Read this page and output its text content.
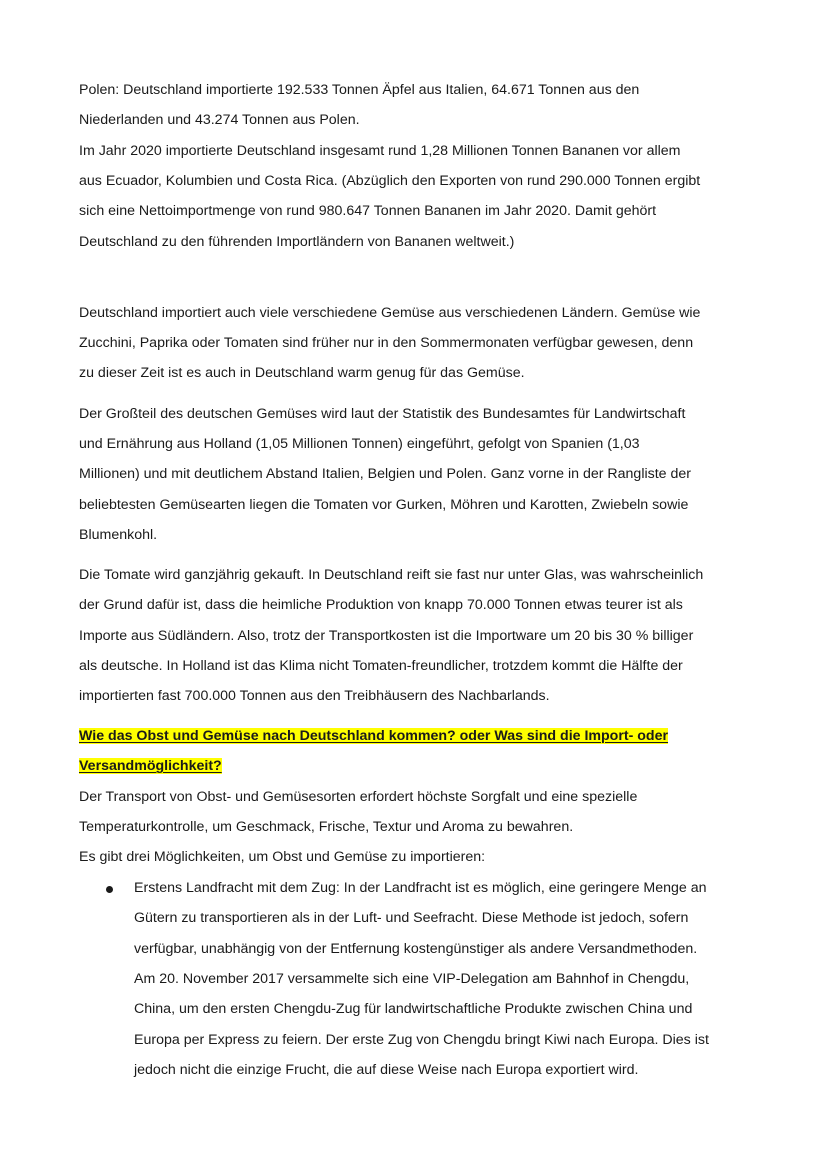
Polen: Deutschland importierte 192.533 Tonnen Äpfel aus Italien, 64.671 Tonnen aus den
Niederlanden und 43.274 Tonnen aus Polen.
Im Jahr 2020 importierte Deutschland insgesamt rund 1,28 Millionen Tonnen Bananen vor allem
aus Ecuador, Kolumbien und Costa Rica. (Abzüglich den Exporten von rund 290.000 Tonnen ergibt
sich eine Nettoimportmenge von rund 980.647 Tonnen Bananen im Jahr 2020. Damit gehört
Deutschland zu den führenden Importländern von Bananen weltweit.)
Deutschland importiert auch viele verschiedene Gemüse aus verschiedenen Ländern. Gemüse wie
Zucchini, Paprika oder Tomaten sind früher nur in den Sommermonaten verfügbar gewesen, denn
zu dieser Zeit ist es auch in Deutschland warm genug für das Gemüse.
Der Großteil des deutschen Gemüses wird laut der Statistik des Bundesamtes für Landwirtschaft
und Ernährung aus Holland (1,05 Millionen Tonnen) eingeführt, gefolgt von Spanien (1,03
Millionen) und mit deutlichem Abstand Italien, Belgien und Polen. Ganz vorne in der Rangliste der
beliebtesten Gemüsearten liegen die Tomaten vor Gurken, Möhren und Karotten, Zwiebeln sowie
Blumenkohl.
Die Tomate wird ganzjährig gekauft. In Deutschland reift sie fast nur unter Glas, was wahrscheinlich
der Grund dafür ist, dass die heimliche Produktion von knapp 70.000 Tonnen etwas teurer ist als
Importe aus Südländern. Also, trotz der Transportkosten ist die Importware um 20 bis 30 % billiger
als deutsche. In Holland ist das Klima nicht Tomaten-freundlicher, trotzdem kommt die Hälfte der
importierten fast 700.000 Tonnen aus den Treibhäusern des Nachbarlands.
Wie das Obst und Gemüse nach Deutschland kommen? oder Was sind die Import- oder
Versandmöglichkeit?
Der Transport von Obst- und Gemüsesorten erfordert höchste Sorgfalt und eine spezielle
Temperaturkontrolle, um Geschmack, Frische, Textur und Aroma zu bewahren.
Es gibt drei Möglichkeiten, um Obst und Gemüse zu importieren:
Erstens Landfracht mit dem Zug: In der Landfracht ist es möglich, eine geringere Menge an
Gütern zu transportieren als in der Luft- und Seefracht. Diese Methode ist jedoch, sofern
verfügbar, unabhängig von der Entfernung kostengünstiger als andere Versandmethoden.
Am 20. November 2017 versammelte sich eine VIP-Delegation am Bahnhof in Chengdu,
China, um den ersten Chengdu-Zug für landwirtschaftliche Produkte zwischen China und
Europa per Express zu feiern. Der erste Zug von Chengdu bringt Kiwi nach Europa. Dies ist
jedoch nicht die einzige Frucht, die auf diese Weise nach Europa exportiert wird.
